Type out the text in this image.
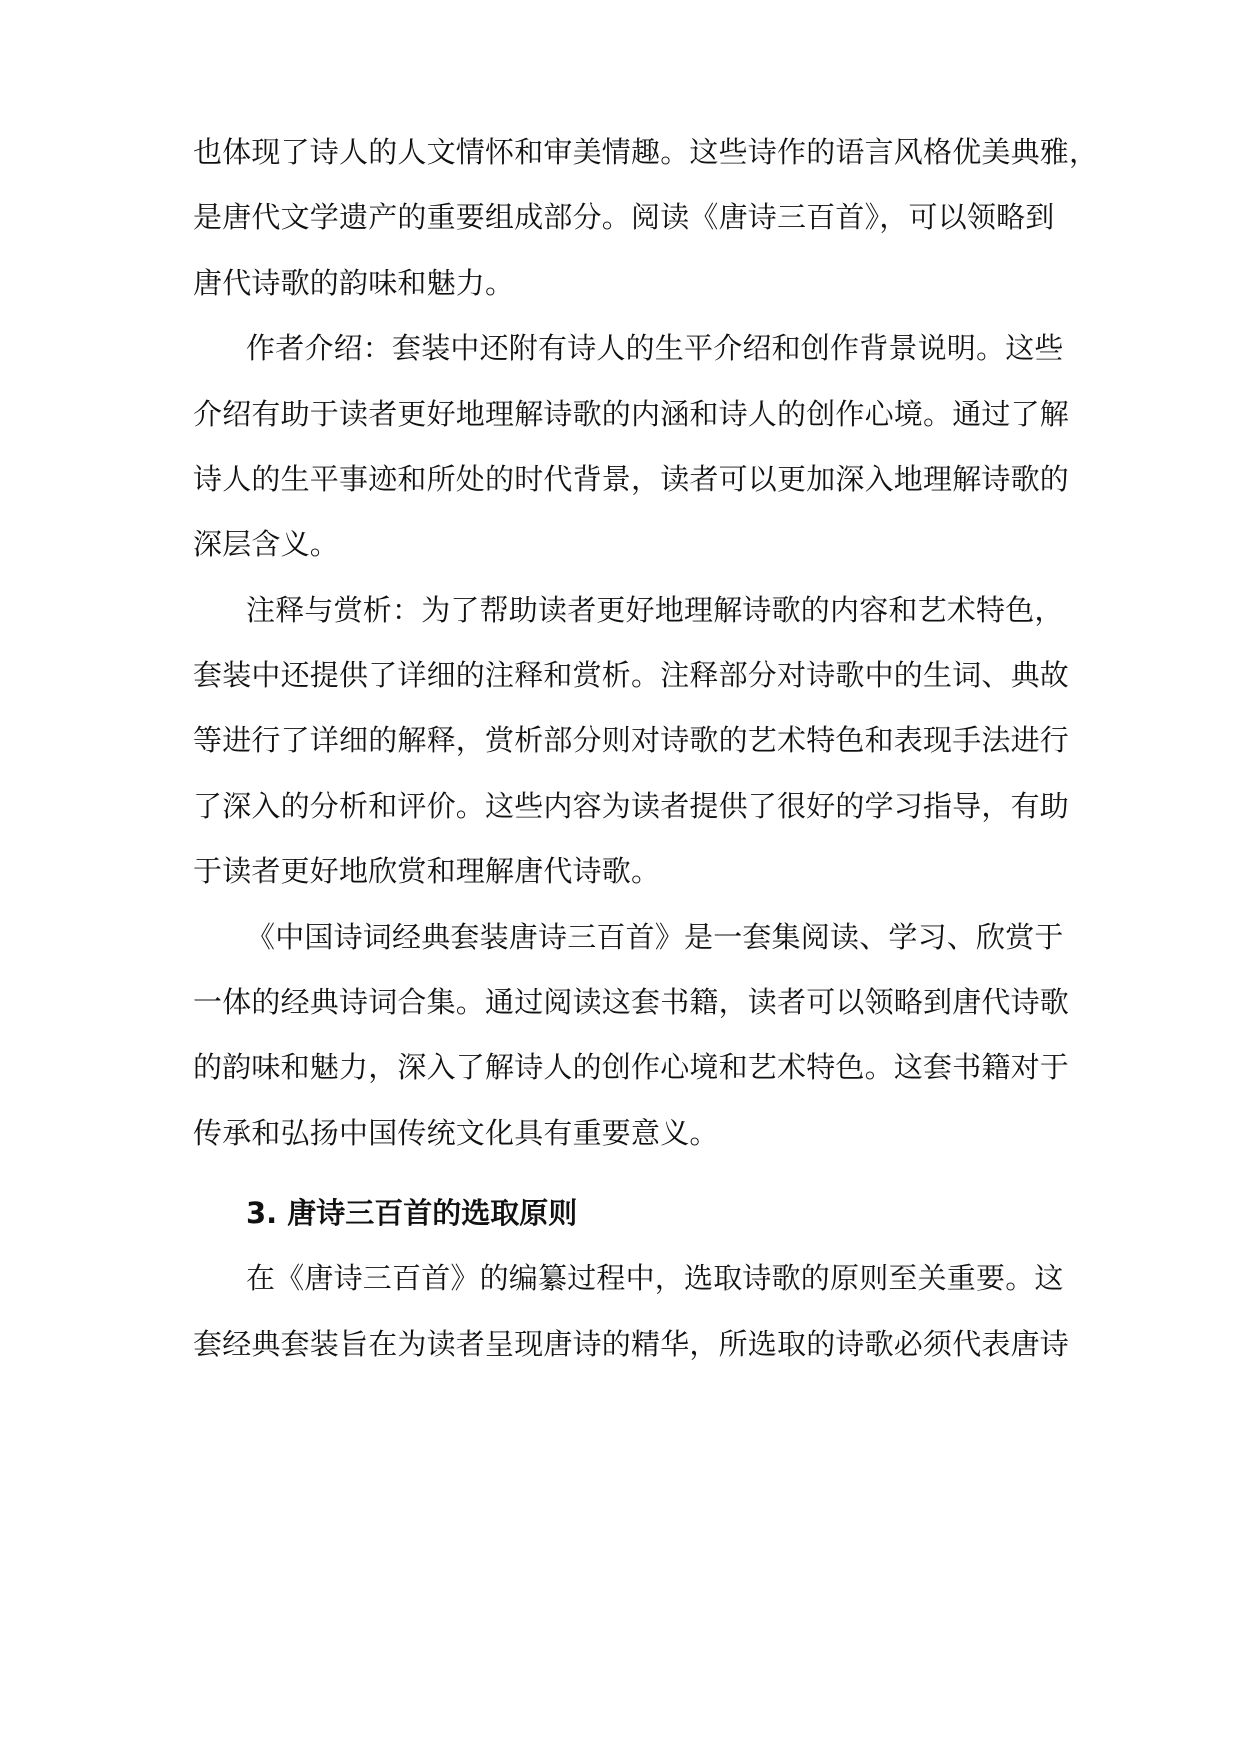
也体现了诗人的人文情怀和审美情趣。这些诗作的语言风格优美典雅，
是唐代文学遗产的重要组成部分。阅读《唐诗三百首》，可以领略到
唐代诗歌的韵味和魅力。
作者介绍：套装中还附有诗人的生平介绍和创作背景说明。这些
介绍有助于读者更好地理解诗歌的内涵和诗人的创作心境。通过了解
诗人的生平事迹和所处的时代背景，读者可以更加深入地理解诗歌的
深层含义。
注释与赏析：为了帮助读者更好地理解诗歌的内容和艺术特色，
套装中还提供了详细的注释和赏析。注释部分对诗歌中的生词、典故
等进行了详细的解释，赏析部分则对诗歌的艺术特色和表现手法进行
了深入的分析和评价。这些内容为读者提供了很好的学习指导，有助
于读者更好地欣赏和理解唐代诗歌。
《中国诗词经典套装唐诗三百首》是一套集阅读、学习、欣赏于
一体的经典诗词合集。通过阅读这套书籍，读者可以领略到唐代诗歌
的韵味和魅力，深入了解诗人的创作心境和艺术特色。这套书籍对于
传承和弘扬中国传统文化具有重要意义。
3. 唐诗三百首的选取原则
在《唐诗三百首》的编纂过程中，选取诗歌的原则至关重要。这
套经典套装旨在为读者呈现唐诗的精华，所选取的诗歌必须代表唐诗
